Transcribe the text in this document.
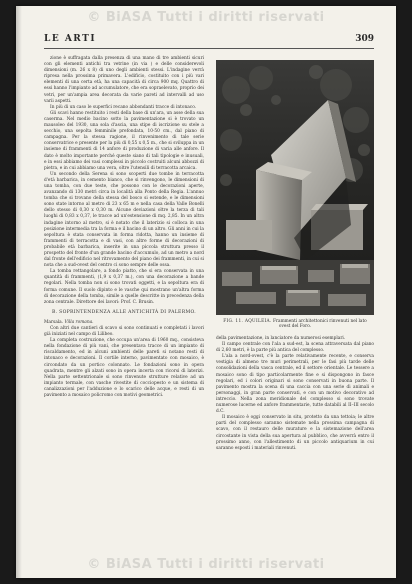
© BiASA Tutti i diritti riservati
LE ARTI	309

zione è suffragata dalla presenza di una mano di tre ambienti sicuri con gli elementi antichi tra vetrine (in via ) e delle considerevoli dimensioni (m. 26 x 8) di uno degli ambienti stessi. L'indagine verrà ripresa nella prossima primavera. L'edificio, costituito con i più vari elementi di una certa età, ha una capacità di circa 900 mq. Quattro di essi hanno l'impianto ad accumulatore, che era sopraelevato, proprio dei vetri, per un'ampia area decorata da varie pareti ad intervalli ad uso varii aspetti.

In più di un caso le superfici recano abbondanti tracce di intonaco.

Gli scavi hanno restituito i resti della base di un'ara, un asse della sua caserma. Nel medio bacino sotto la pavimentazione si è trovato un mausoleo del 1930, una sola d'ascia, una stipe di iscrizione su stele a secchio, una sepolta femminile prefondata, 10-50 cm., dal piano di campagna. Per la stessa ragione, il rinvenimento di tale serie conservatrice e presente per la più di 0,55 x 0,5 m., che si sviluppa in un insieme di frammenti di 14 anfore di produzione di varia alle anfore. Il dato è molto importante perché queste siano di tali tipologie e inusuali, e in essi abbiamo dei vasi complessi in piccolo costruiti alcuni abbozzi di pietra, e in cui abbiamo una vera, oltre l'utensili di terracotta arcaica.

Un secondo della Serena si sono scoperti due tombe in terracotta d'età barbarica, in cemento bianco, che si rinvengono, le dimensioni di una tomba, con due teste, che possono con le decorazioni aperte, avanzando di 130 metri circa in località alla Ponto della Regia. L'annuo tomba che si trovano della stessa del bosco si estende, e le dimensioni sono state intorno al metro di 23 x 65 m e nella casa della Valle Bonelli dello stesso di 0,30 x 0,30 m. Alcune deviazioni oltre la terza di tali luoghi di 0,83 x 0,37, le tracce ad un'estensione di mq. 2,85. In un altra indagine intorno al metro, si è notato che il laterizio si colloca in una posizione intermedia tra la forma e il bacino di un altro. Gli anni in cui la sepoltura è stata conservata in forma ridotta, hanno un insieme di frammenti di terracotta e di vasi, con altre forme di decorazioni di probabile età barbarica, inserite in una piccola struttura presso il prospetto del fronte d'un grande bacino d'accumulo, ad un metro a nord dal fronte dell'edificio nel ritrovamento del piano dei frammenti, in cui si nota che a sud-ovest del centro ci sono sempre delle ossa.

La tomba rettangolare, a fondo piatto, che si era conservata in una quantità di frammenti, (1,9 x 0,37 m.), con una decorazione a bande regolari. Nella tomba non si sono trovati oggetti, e la sepoltura era di forma comune. Il suolo dipinto e le vasche qui mostrano un'altra forma di decorazione della tomba, simile a quelle descritte in precedenza della zona centrale. Direttore dei lavori: Prof. C. Brusin.

B. SOPRINTENDENZA ALLE ANTICHITÀ DI PALERMO.

Marsala. Villa romana.

Con altri due cantieri di scavo si sono continuati e completati i lavori già iniziati nel campo di Lilibeo.

La completa costruzione, che occupa un'area di 1960 mq., consisteva nella fondazione di più vani, che presentava tracce di un impianto di riscaldamento, ed in alcuni ambienti delle pareti si notano resti di intonaco e decorazioni. Il cortile interno, pavimentato con mosaico, è circondato da un portico colonnato. Le fondazioni sono in opera quadrata, mentre gli alzati sono in opera incerta con ricorsi di laterizi. Nella parte settentrionale si sono rinvenute strutture relative ad un impianto termale, con vasche rivestite di cocciopesto e un sistema di canalizzazioni per l'adduzione e lo scarico delle acque, e resti di un pavimento a mosaico policromo con motivi geometrici.

FIG. 11. AQUILEIA. Frammenti architettonici rinvenuti nel lato ovest del Foro.

della pavimentazione, in lanciatore da numerosi esemplari.

Il campo centrale con l'ala a sud-est, la scena attraversata dal piano di 2,60 metri, è la parte più antica del complesso.

L'ala a nord-ovest, c'è la parte relativamente recente, e conserva vestigia di almeno tre muri perimetrali, per le fasi più tarde delle consolidazioni della vasca centrale, ed il settore orientale. Le tessere a mosaico sono di tipo particolarmente fine e si dispongono in fasce regolari, ed i colori originari si sono conservati in buona parte. Il pavimento mostra la scena di una caccia con una serie di animali e personaggi, in gran parte conservati, e con un motivo decorativo ad intreccio. Nella zona meridionale del complesso si sono trovate numerose lucerne ed anfore frammentarie, tutte databili al II–III secolo d.C.

Il mosaico è oggi conservato in situ, protetto da una tettoia; le altre parti del complesso saranno sistemate nella prossima campagna di scavo, con il restauro delle murature e la sistemazione dell'area circostante in vista della sua apertura al pubblico, che avverrà entro il prossimo anno, con l'allestimento di un piccolo antiquarium in cui saranno esposti i materiali rinvenuti.

© BiASA Tutti i diritti riservati
